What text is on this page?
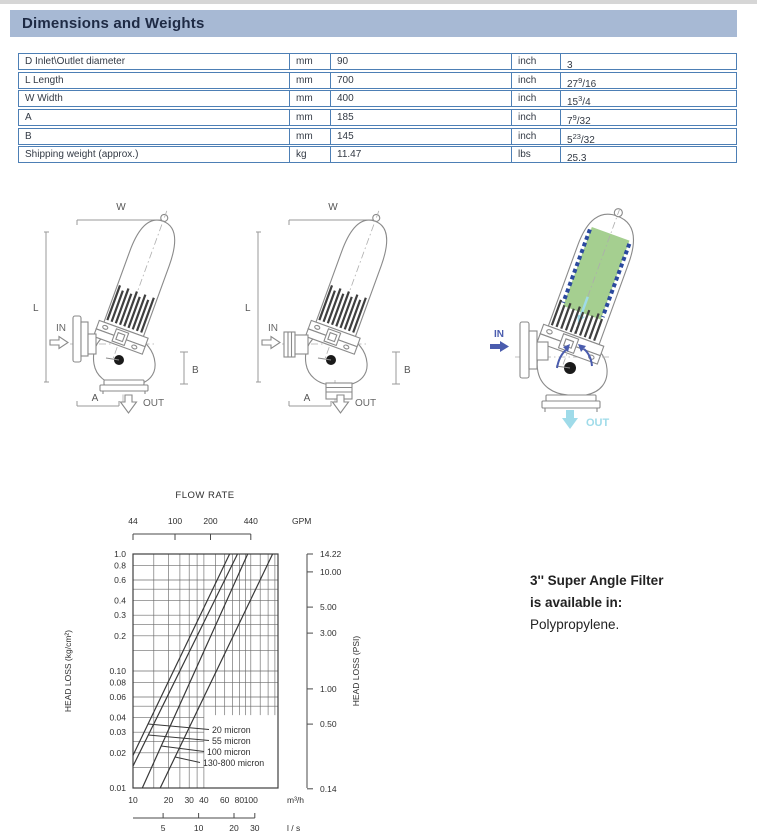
Dimensions and Weights
D Inlet\Outlet diameter	mm	90	inch	3
L Length	mm	700	inch	$27^9/16$
W Width	mm	400	inch	$15^3/4$
A	mm	185	inch	$7^9/32$
B	mm	145	inch	$5^{23}/32$
Shipping weight (approx.)	kg	11.47	lbs	25.3
W
L
IN
OUT
B
A
W
L
IN
OUT
B
A
IN
OUT
20 micron
55 micron
100 micron
130-800 micron
1.0
0.8
0.6
0.4
0.3
0.2
0.10
0.08
0.06
0.04
0.03
0.02
0.01
14.22
10.00
5.00
3.00
1.00
0.50
0.14
44	100	200	440	GPM
10	20 30 40 60 80 100	m³/h
5	10	20 30	l / s
FLOW RATE
HEAD LOSS (kg/cm²)	HEAD LOSS (PSI)
3'' Super Angle Filter
is available in:
Polypropylene.
